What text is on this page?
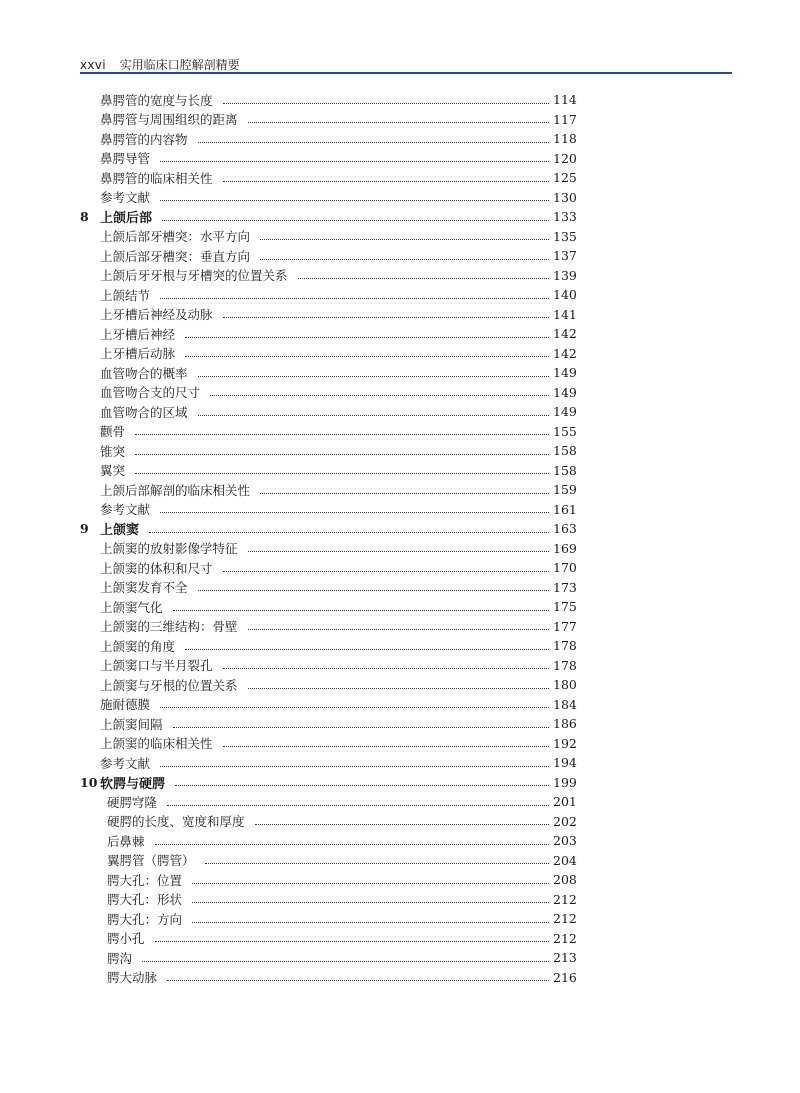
xxvi 实用临床口腔解剖精要
鼻腭管的宽度与长度	114
鼻腭管与周围组织的距离	117
鼻腭管的内容物	118
鼻腭导管	120
鼻腭管的临床相关性	125
参考文献	130
8 上颌后部	133
上颌后部牙槽突：水平方向	135
上颌后部牙槽突：垂直方向	137
上颌后牙牙根与牙槽突的位置关系	139
上颌结节	140
上牙槽后神经及动脉	141
上牙槽后神经	142
上牙槽后动脉	142
血管吻合的概率	149
血管吻合支的尺寸	149
血管吻合的区域	149
颧骨	155
锥突	158
翼突	158
上颌后部解剖的临床相关性	159
参考文献	161
9 上颌窦	163
上颌窦的放射影像学特征	169
上颌窦的体积和尺寸	170
上颌窦发育不全	173
上颌窦气化	175
上颌窦的三维结构：骨壁	177
上颌窦的角度	178
上颌窦口与半月裂孔	178
上颌窦与牙根的位置关系	180
施耐德膜	184
上颌窦间隔	186
上颌窦的临床相关性	192
参考文献	194
10 软腭与硬腭	199
硬腭穹隆	201
硬腭的长度、宽度和厚度	202
后鼻棘	203
翼腭管（腭管）	204
腭大孔：位置	208
腭大孔：形状	212
腭大孔：方向	212
腭小孔	212
腭沟	213
腭大动脉	216
